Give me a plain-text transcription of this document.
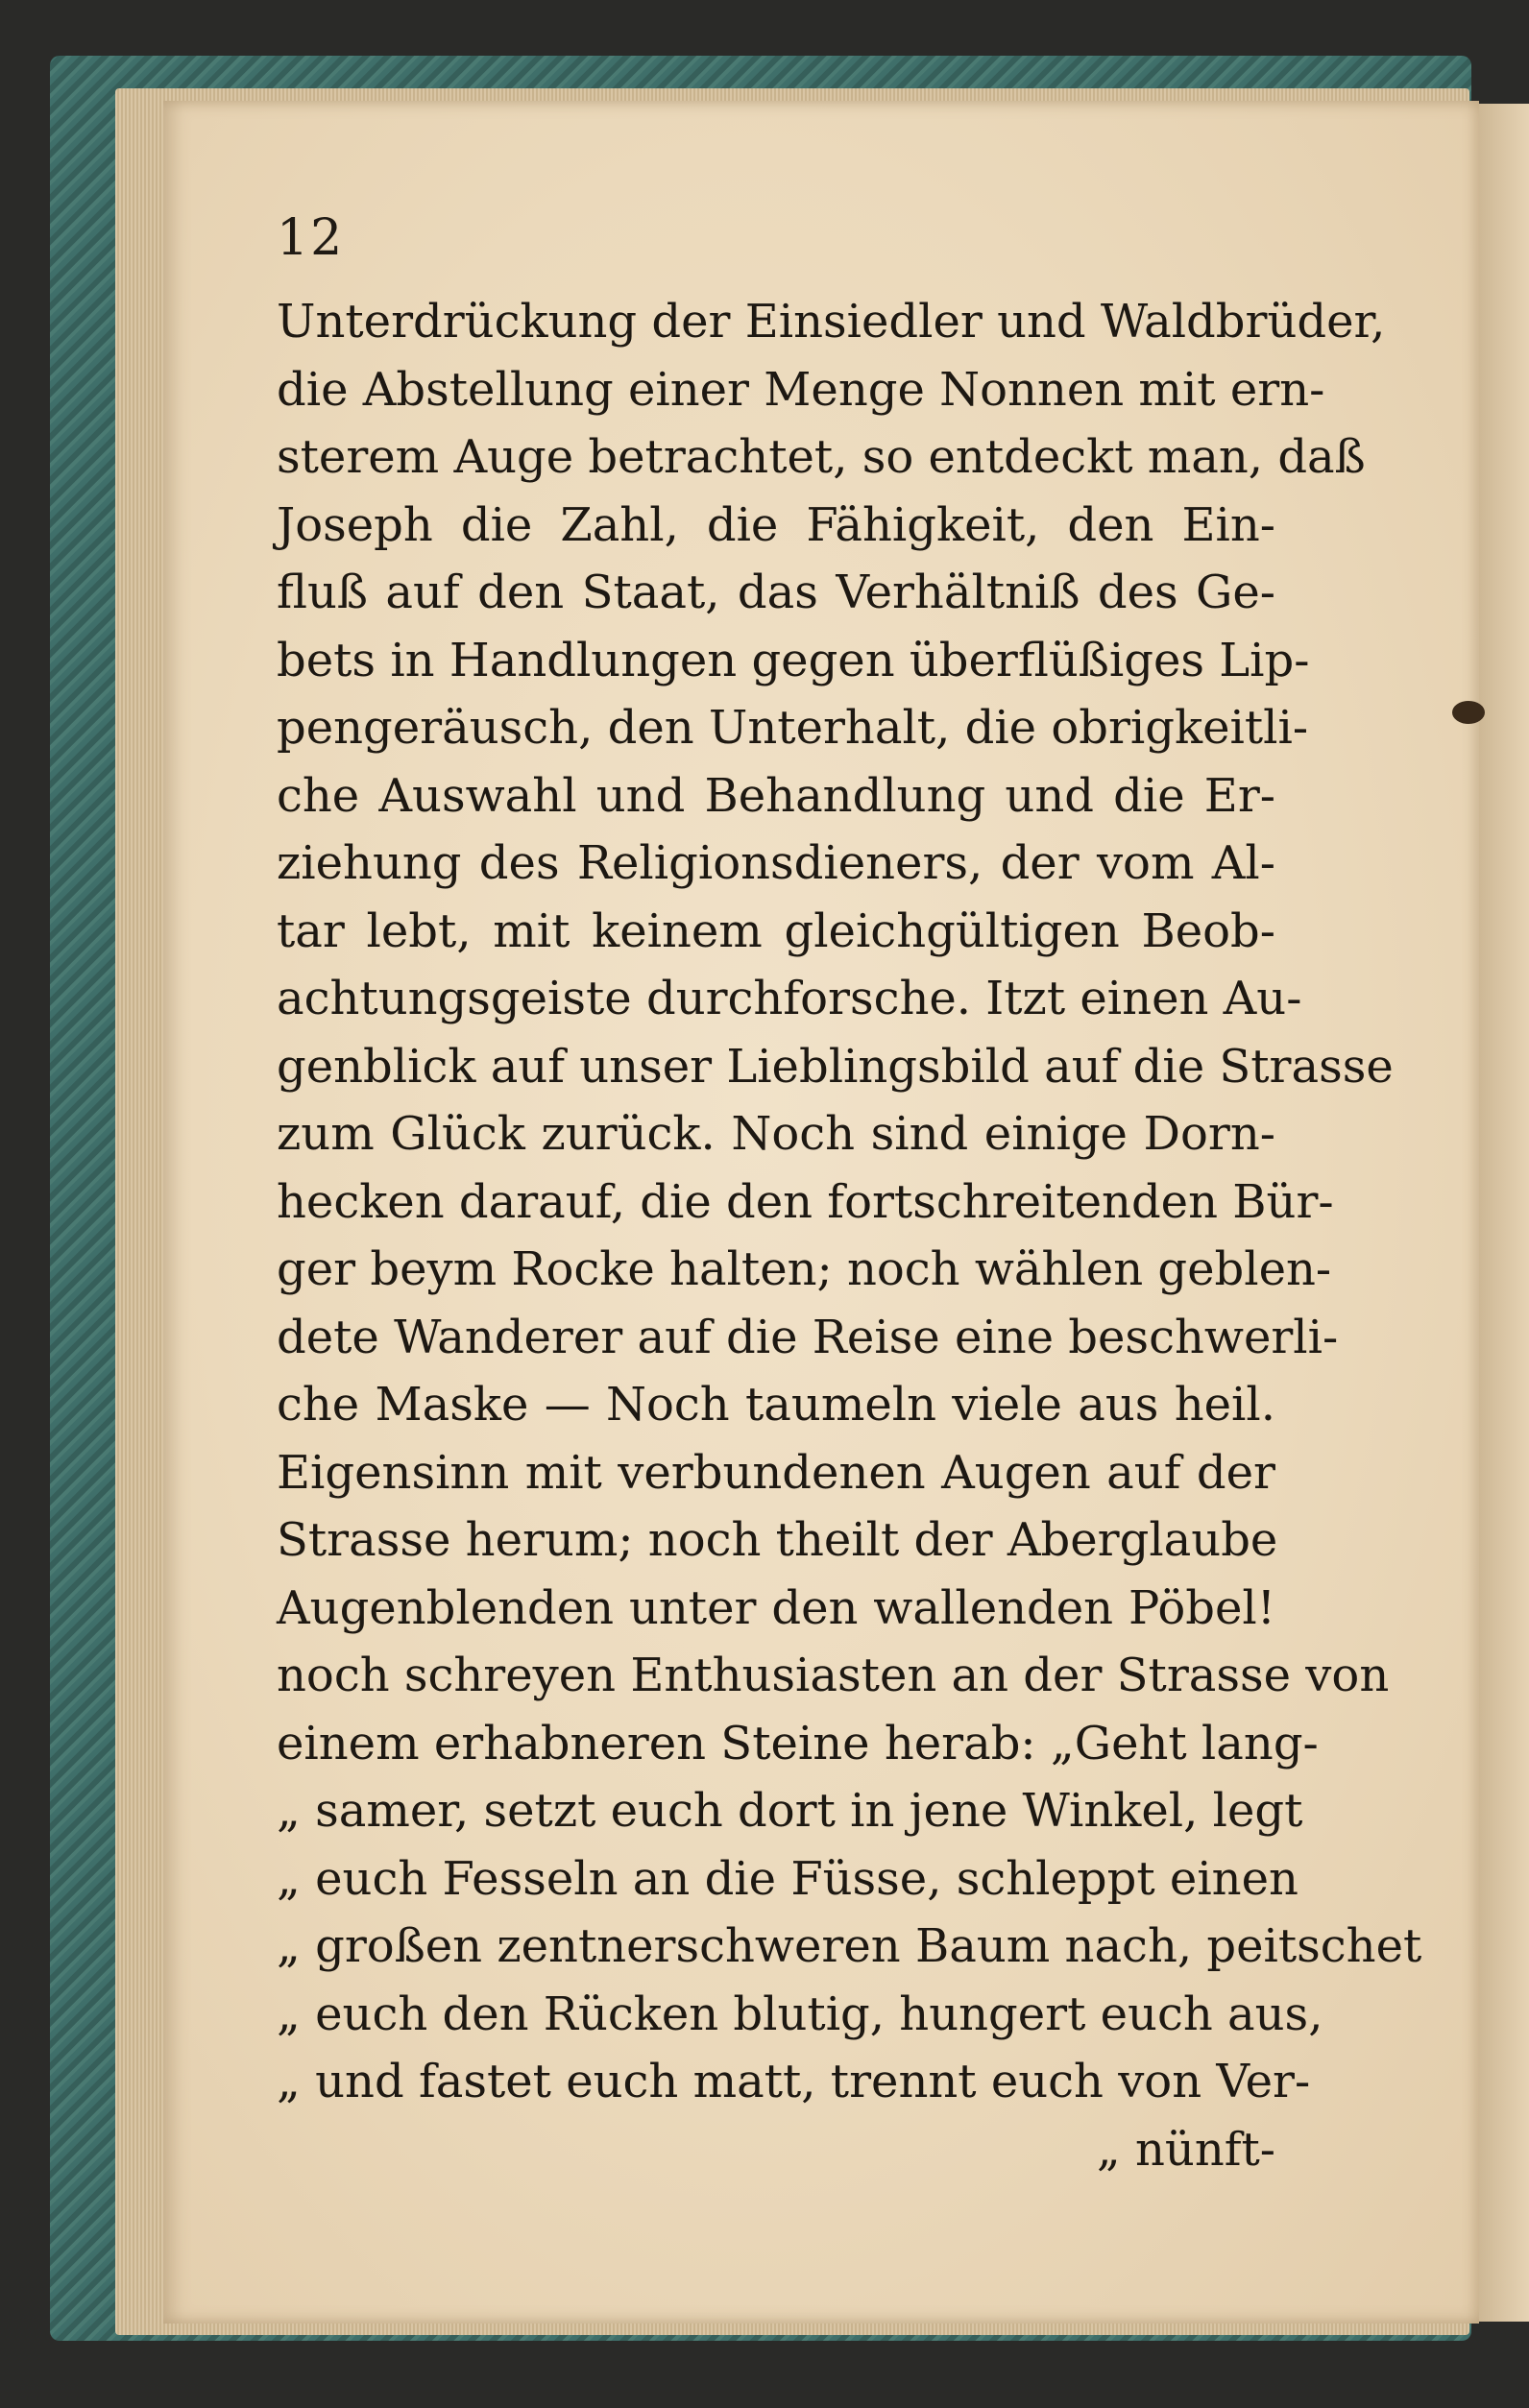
12
Unterdrückung der Einsiedler und Waldbrüder,
die Abstellung einer Menge Nonnen mit ern-
sterem Auge betrachtet, so entdeckt man, daß
Joseph die Zahl, die Fähigkeit, den Ein-
fluß auf den Staat, das Verhältniß des Ge-
bets in Handlungen gegen überflüßiges Lip-
pengeräusch, den Unterhalt, die obrigkeitli-
che Auswahl und Behandlung und die Er-
ziehung des Religionsdieners, der vom Al-
tar lebt, mit keinem gleichgültigen Beob-
achtungsgeiste durchforsche. Itzt einen Au-
genblick auf unser Lieblingsbild auf die Strasse
zum Glück zurück. Noch sind einige Dorn-
hecken darauf, die den fortschreitenden Bür-
ger beym Rocke halten; noch wählen geblen-
dete Wanderer auf die Reise eine beschwerli-
che Maske — Noch taumeln viele aus heil.
Eigensinn mit verbundenen Augen auf der
Strasse herum; noch theilt der Aberglaube
Augenblenden unter den wallenden Pöbel!
noch schreyen Enthusiasten an der Strasse von
einem erhabneren Steine herab: „Geht lang-
„ samer, setzt euch dort in jene Winkel, legt
„ euch Fesseln an die Füsse, schleppt einen
„ großen zentnerschweren Baum nach, peitschet
„ euch den Rücken blutig, hungert euch aus,
„ und fastet euch matt, trennt euch von Ver-
„ nünft-
